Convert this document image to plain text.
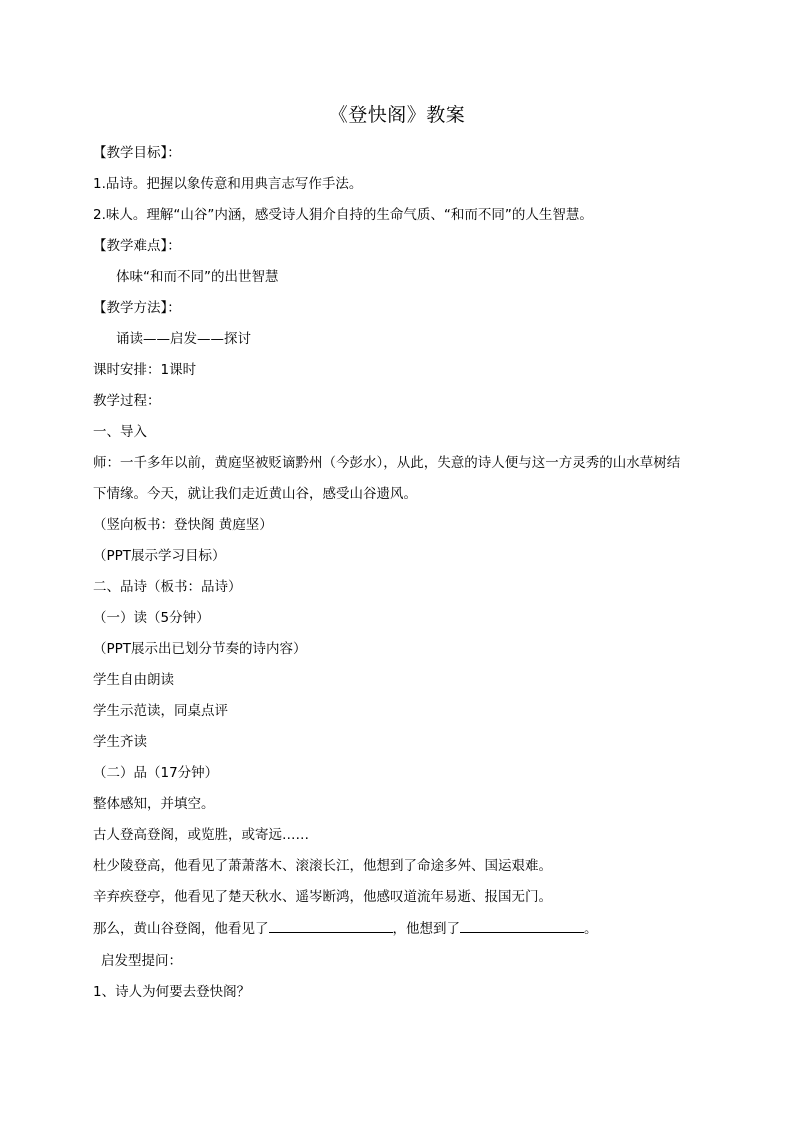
《登快阁》教案
【教学目标】：
1.品诗。把握以象传意和用典言志写作手法。
2.味人。理解“山谷”内涵，感受诗人狷介自持的生命气质、“和而不同”的人生智慧。
【教学难点】：
体味“和而不同”的出世智慧
【教学方法】：
诵读——启发——探讨
课时安排：1课时
教学过程：
一、导入
师：一千多年以前，黄庭坚被贬谪黔州（今彭水），从此，失意的诗人便与这一方灵秀的山水草树结
下情缘。今天，就让我们走近黄山谷，感受山谷遗风。
（竖向板书：登快阁 黄庭坚）
（PPT展示学习目标）
二、品诗（板书：品诗）
（一）读（5分钟）
（PPT展示出已划分节奏的诗内容）
学生自由朗读
学生示范读，同桌点评
学生齐读
（二）品（17分钟）
整体感知，并填空。
古人登高登阁，或览胜，或寄远……
杜少陵登高，他看见了萧萧落木、滚滚长江，他想到了命途多舛、国运艰难。
辛弃疾登亭，他看见了楚天秋水、遥岑断鸿，他感叹道流年易逝、报国无门。
那么，黄山谷登阁，他看见了	，他想到了	。
启发型提问：
1、诗人为何要去登快阁？
